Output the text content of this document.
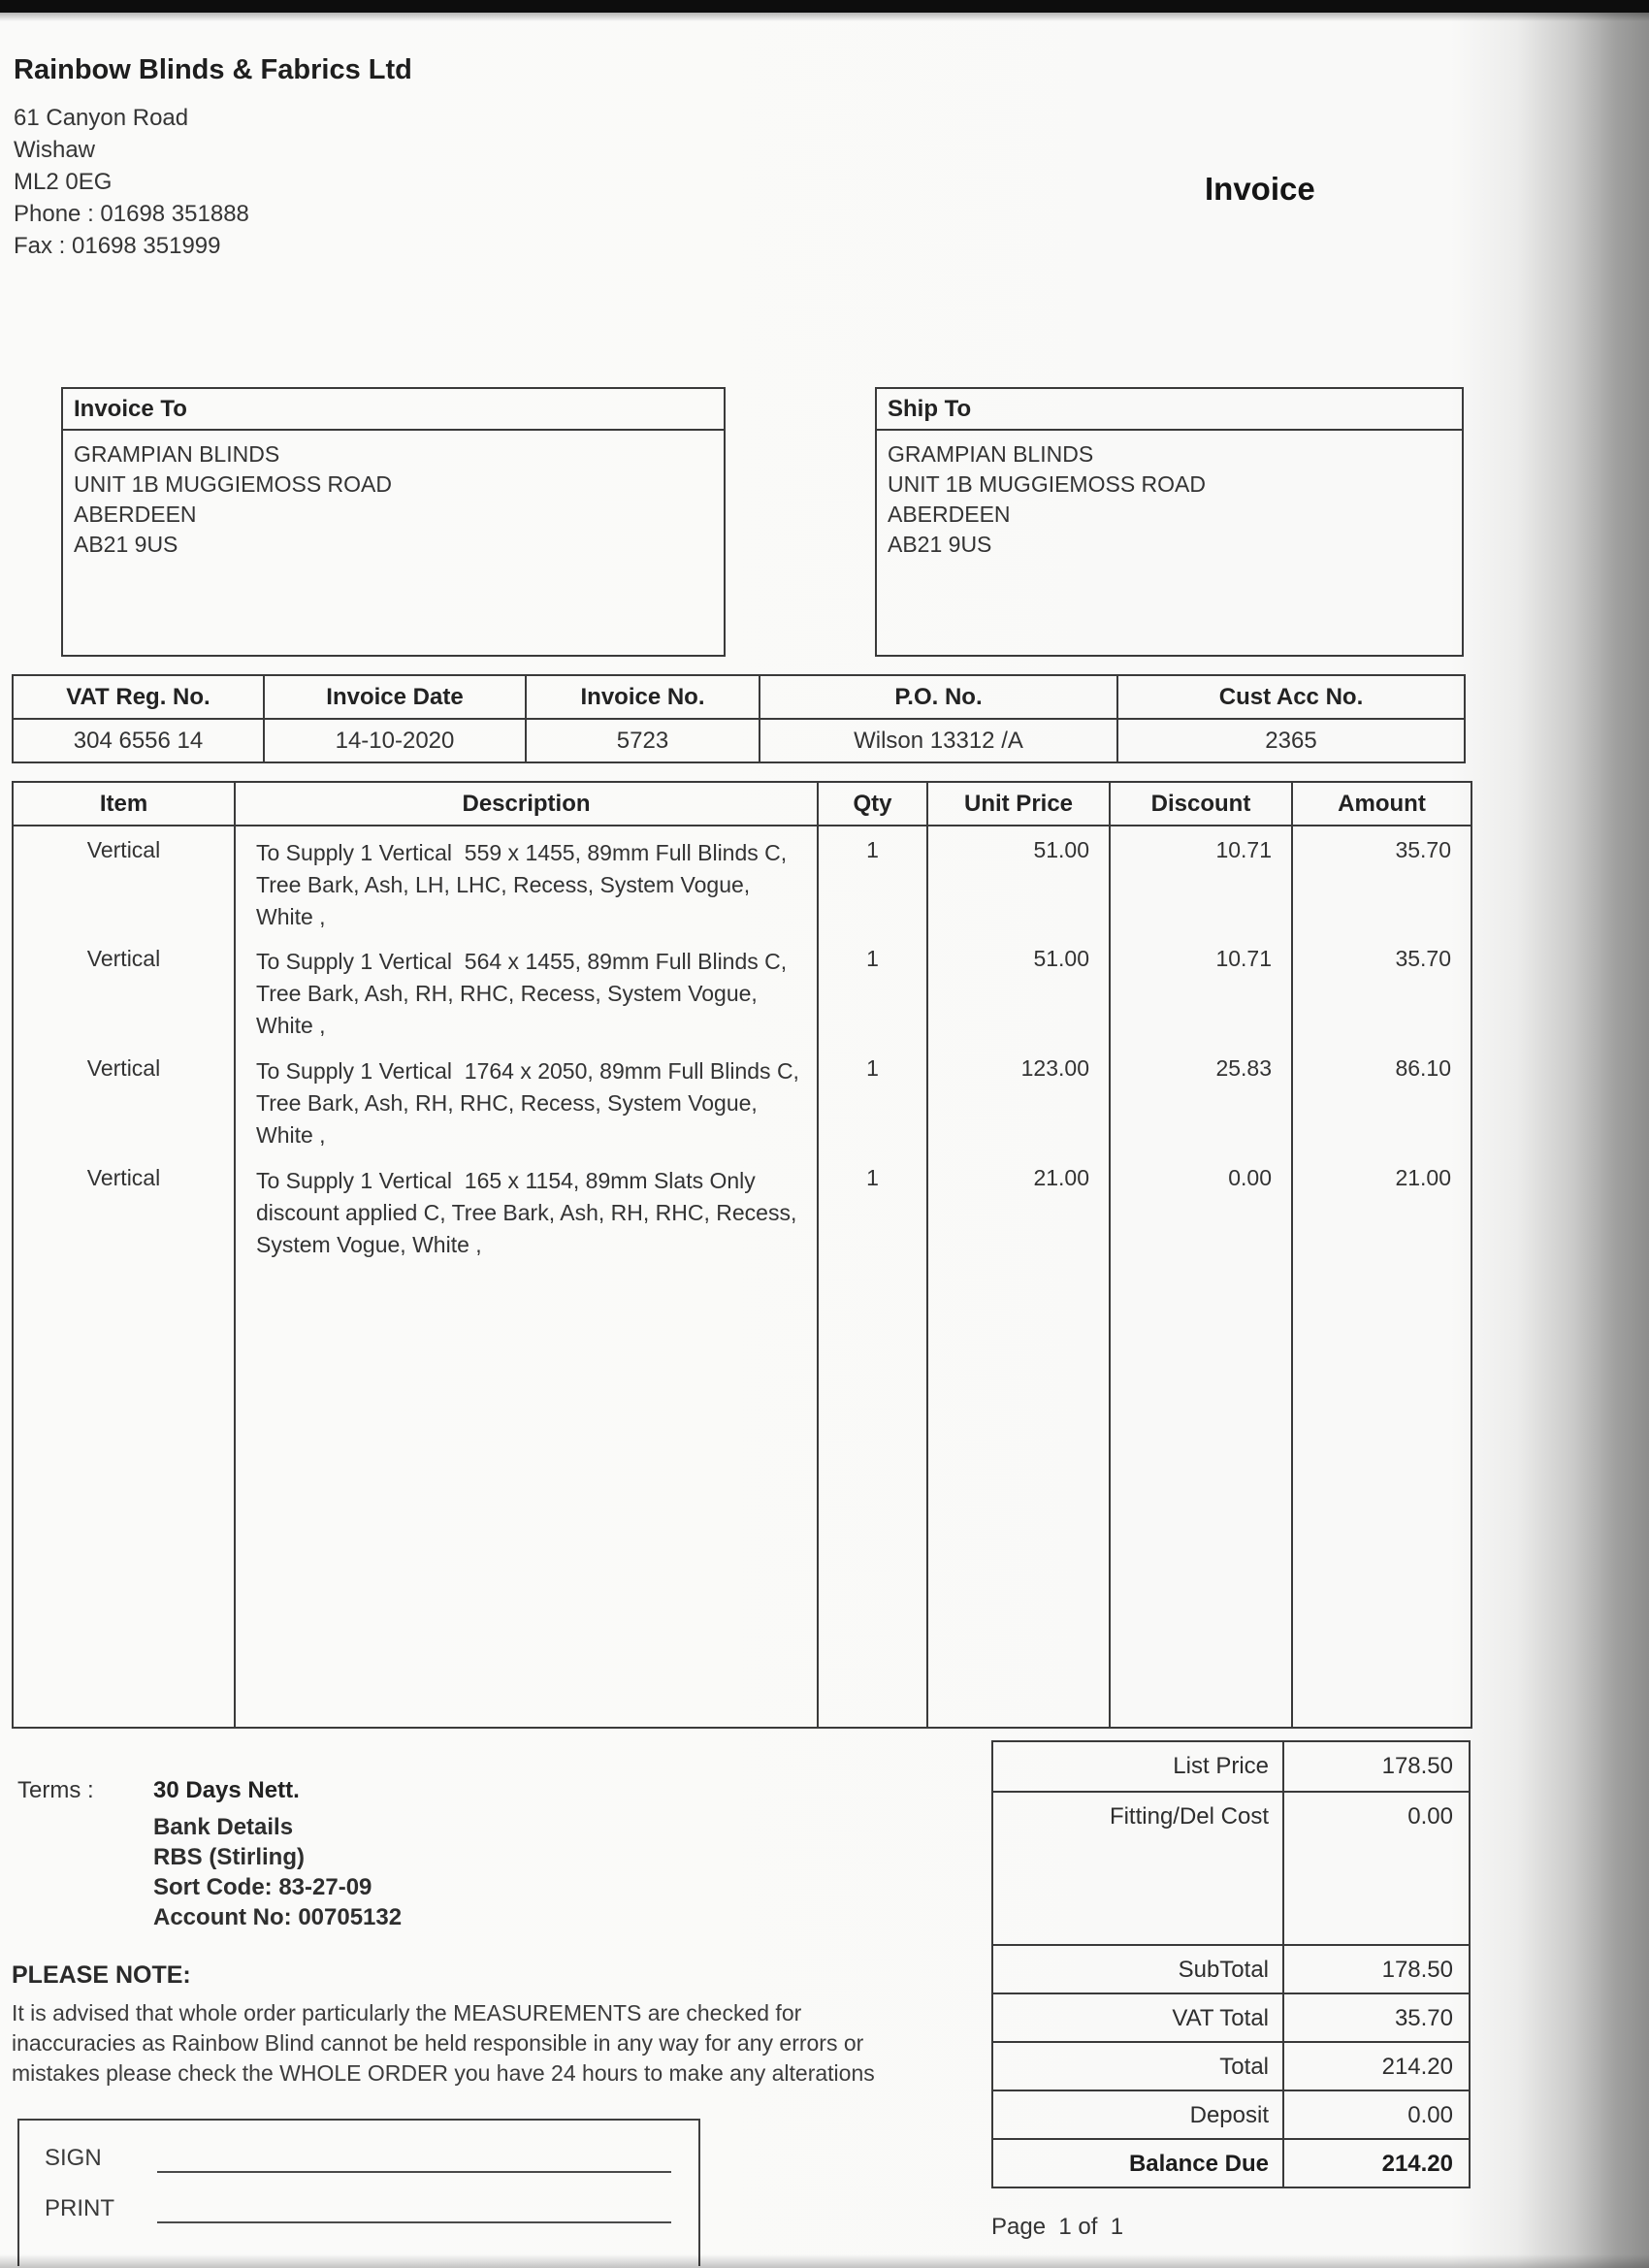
Rainbow Blinds & Fabrics Ltd
61 Canyon Road
Wishaw
ML2 0EG
Phone : 01698 351888
Fax : 01698 351999
Invoice
Invoice To
GRAMPIAN BLINDS
UNIT 1B MUGGIEMOSS ROAD
ABERDEEN
AB21 9US
Ship To
GRAMPIAN BLINDS
UNIT 1B MUGGIEMOSS ROAD
ABERDEEN
AB21 9US
VAT Reg. No.	Invoice Date	Invoice No.	P.O. No.	Cust Acc No.
304 6556 14	14-10-2020	5723	Wilson 13312 /A	2365
Item	Description	Qty	Unit Price	Discount	Amount
Vertical	To Supply 1 Vertical  559 x 1455, 89mm Full Blinds C, Tree Bark, Ash, LH, LHC, Recess, System Vogue, White ,	1	51.00	10.71	35.70
Vertical	To Supply 1 Vertical  564 x 1455, 89mm Full Blinds C, Tree Bark, Ash, RH, RHC, Recess, System Vogue, White ,	1	51.00	10.71	35.70
Vertical	To Supply 1 Vertical  1764 x 2050, 89mm Full Blinds C, Tree Bark, Ash, RH, RHC, Recess, System Vogue, White ,	1	123.00	25.83	86.10
Vertical	To Supply 1 Vertical  165 x 1154, 89mm Slats Only discount applied C, Tree Bark, Ash, RH, RHC, Recess, System Vogue, White ,	1	21.00	0.00	21.00

Terms :	30 Days Nett.
Bank Details
RBS (Stirling)
Sort Code: 83-27-09
Account No: 00705132
PLEASE NOTE:
It is advised that whole order particularly the MEASUREMENTS are checked for inaccuracies as Rainbow Blind cannot be held responsible in any way for any errors or mistakes please check the WHOLE ORDER you have 24 hours to make any alterations
List Price	178.50
Fitting/Del Cost	0.00
SubTotal	178.50
VAT Total	35.70
Total	214.20
Deposit	0.00
Balance Due	214.20
SIGN
PRINT
Page  1 of  1
